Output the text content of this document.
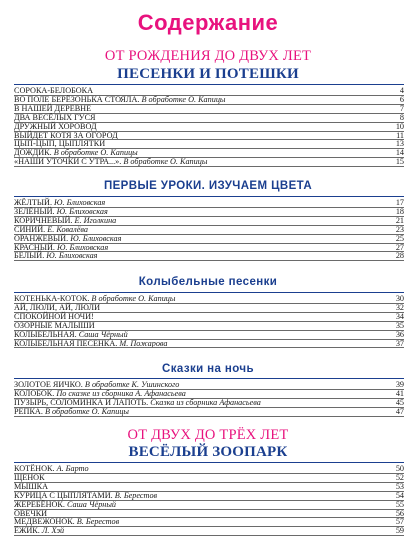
Содержание
ОТ РОЖДЕНИЯ ДО ДВУХ ЛЕТ
ПЕСЕНКИ И ПОТЕШКИ
СОРОКА-БЕЛОБОКА	4
ВО ПОЛЕ БЕРЁЗОНЬКА СТОЯЛА. В обработке О. Капицы	6
В НАШЕЙ ДЕРЕВНЕ	7
ДВА ВЕСЁЛЫХ ГУСЯ	8
ДРУЖНЫЙ ХОРОВОД	10
ВЫЙДЕТ КОТЯ ЗА ОГОРОД	11
ЦЫП-ЦЫП, ЦЫПЛЯТКИ	13
ДОЖДИК. В обработке О. Капицы	14
«НАШИ УТОЧКИ С УТРА...». В обработке О. Капицы	15
ПЕРВЫЕ УРОКИ. ИЗУЧАЕМ ЦВЕТА
ЖЁЛТЫЙ. Ю. Блиховская	17
ЗЕЛЁНЫЙ. Ю. Блиховская	18
КОРИЧНЕВЫЙ. Е. Иголкина	21
СИНИЙ. Е. Ковалёва	23
ОРАНЖЕВЫЙ. Ю. Блиховская	25
КРАСНЫЙ. Ю. Блиховская	27
БЕЛЫЙ. Ю. Блиховская	28
Колыбельные песенки
КОТЕНЬКА-КОТОК. В обработке О. Капицы	30
АЙ, ЛЮЛИ, АЙ, ЛЮЛИ	32
СПОКОЙНОЙ НОЧИ!	34
ОЗОРНЫЕ МАЛЫШИ	35
КОЛЫБЕЛЬНАЯ. Саша Чёрный	36
КОЛЫБЕЛЬНАЯ ПЕСЕНКА. М. Пожарова	37
Сказки на ночь
ЗОЛОТОЕ ЯИЧКО. В обработке К. Ушинского	39
КОЛОБОК. По сказке из сборника А. Афанасьева	41
ПУЗЫРЬ, СОЛОМИНКА И ЛАПОТЬ. Сказка из сборника Афанасьева	45
РЕПКА. В обработке О. Капицы	47
ОТ ДВУХ ДО ТРЁХ ЛЕТ
ВЕСЁЛЫЙ ЗООПАРК
КОТЁНОК. А. Барто	50
ЩЕНОК	52
МЫШКА	53
КУРИЦА С ЦЫПЛЯТАМИ. В. Берестов	54
ЖЕРЕБЁНОК. Саша Чёрный	55
ОВЕЧКИ	56
МЕДВЕЖОНОК. В. Берестов	57
ЁЖИК. Л. Хэй	59
